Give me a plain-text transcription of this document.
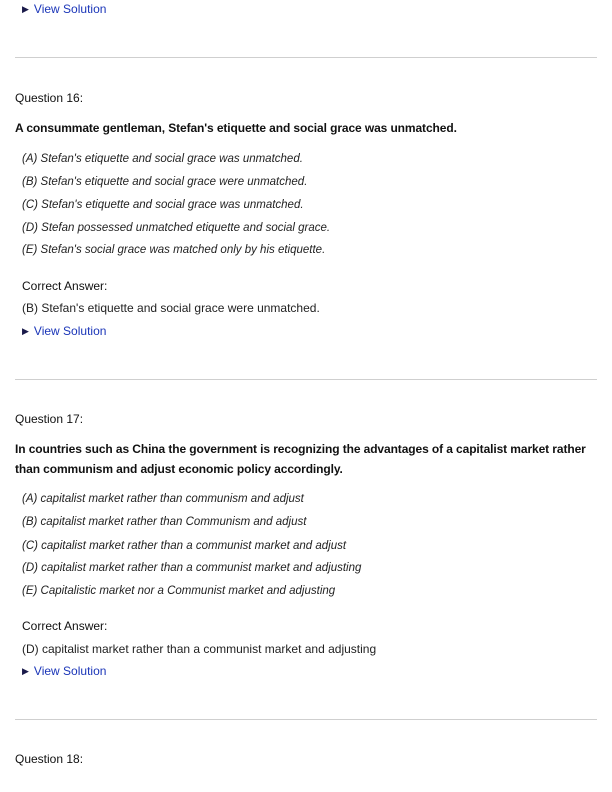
▶ View Solution
Question 16:
A consummate gentleman, Stefan's etiquette and social grace was unmatched.
(A) Stefan's etiquette and social grace was unmatched.
(B) Stefan's etiquette and social grace were unmatched.
(C) Stefan's etiquette and social grace was unmatched.
(D) Stefan possessed unmatched etiquette and social grace.
(E) Stefan's social grace was matched only by his etiquette.
Correct Answer:
(B) Stefan's etiquette and social grace were unmatched.
▶ View Solution
Question 17:
In countries such as China the government is recognizing the advantages of a capitalist market rather than communism and adjust economic policy accordingly.
(A) capitalist market rather than communism and adjust
(B) capitalist market rather than Communism and adjust
(C) capitalist market rather than a communist market and adjust
(D) capitalist market rather than a communist market and adjusting
(E) Capitalistic market nor a Communist market and adjusting
Correct Answer:
(D) capitalist market rather than a communist market and adjusting
▶ View Solution
Question 18:
